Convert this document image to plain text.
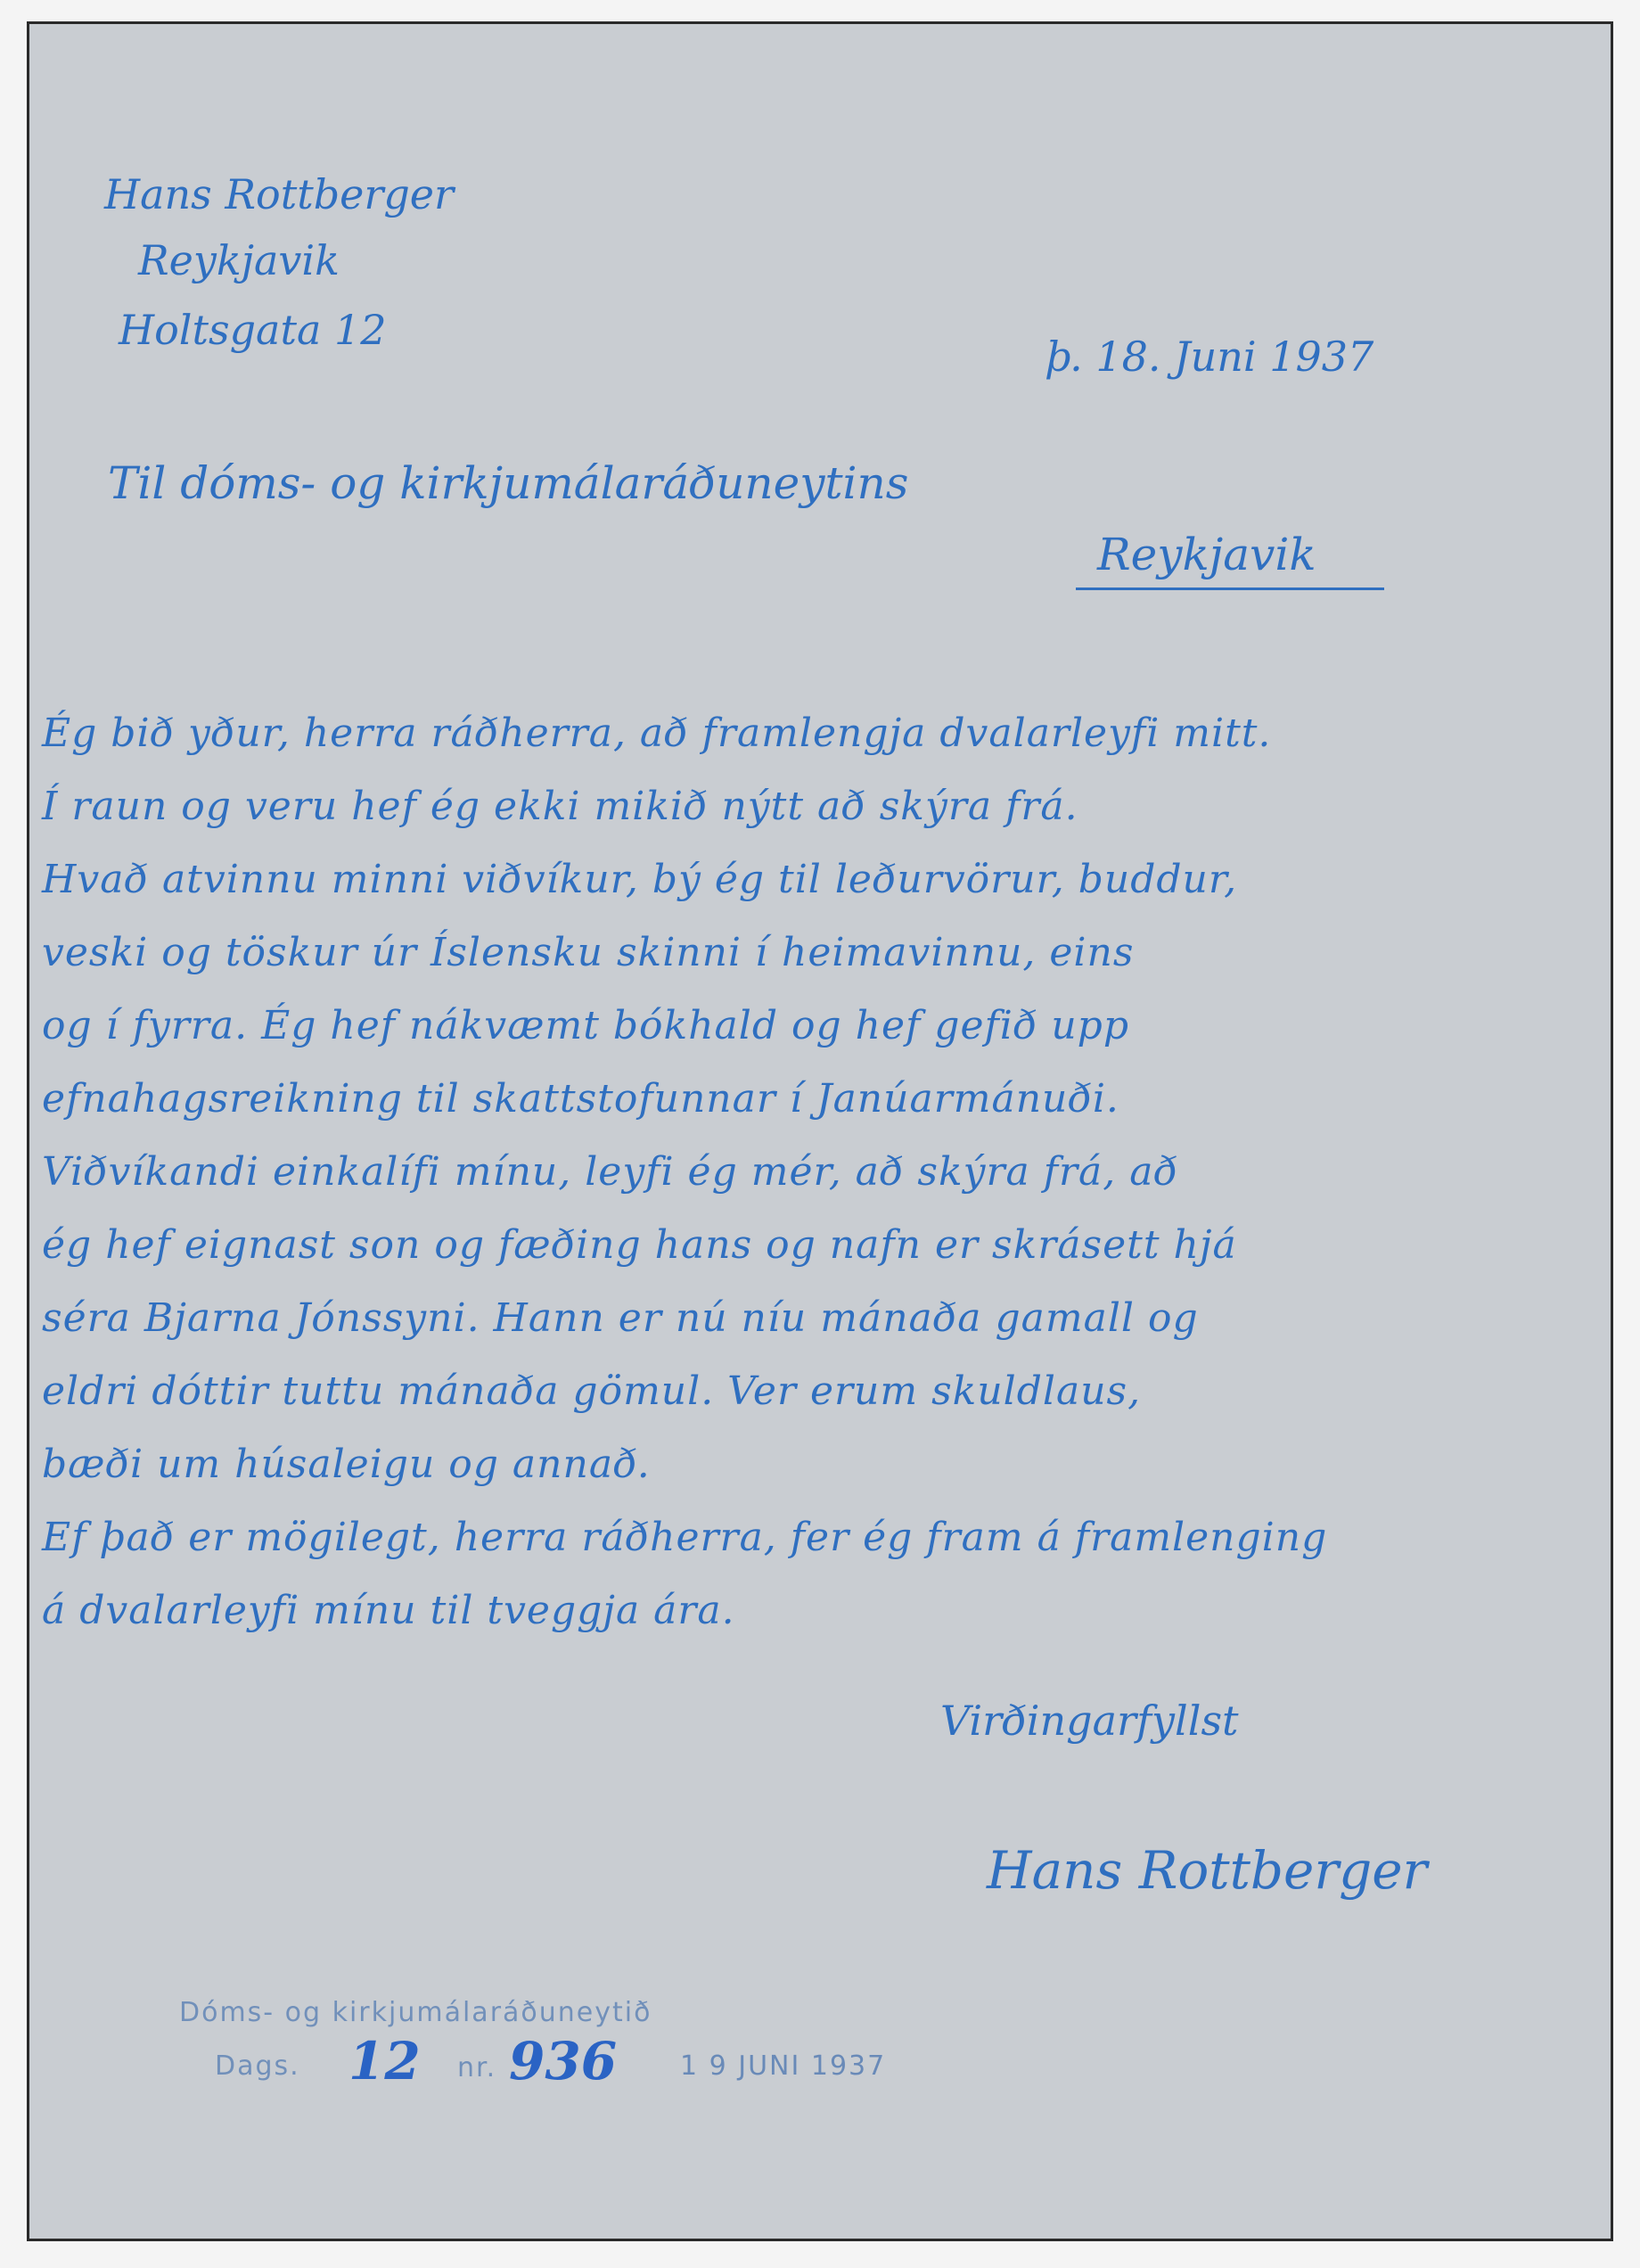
Hans Rottberger
Reykjavik
Holtsgata 12
þ. 18. Juni 1937
Til dóms- og kirkjumálaráðuneytins
Reykjavik
Ég bið yður, herra ráðherra, að framlengja dvalarleyfi mitt.
Í raun og veru hef ég ekki mikið nýtt að skýra frá.
Hvað atvinnu minni viðvíkur, bý ég til leðurvörur, buddur,
veski og töskur úr Íslensku skinni í heimavinnu, eins
og í fyrra. Ég hef nákvæmt bókhald og hef gefið upp
efnahagsreikning til skattstofunnar í Janúarmánuði.
Viðvíkandi einkalífi mínu, leyfi ég mér, að skýra frá, að
ég hef eignast son og fæðing hans og nafn er skrásett hjá
séra Bjarna Jónssyni. Hann er nú níu mánaða gamall og
eldri dóttir tuttu mánaða gömul. Ver erum skuldlaus,
bæði um húsaleigu og annað.
Ef það er mögilegt, herra ráðherra, fer ég fram á framlenging
á dvalarleyfi mínu til tveggja ára.
Virðingarfyllst
Hans Rottberger
Dóms- og kirkjumálaráðuneytið
Dags. 12 nr. 936 1 9 JUNI 1937
